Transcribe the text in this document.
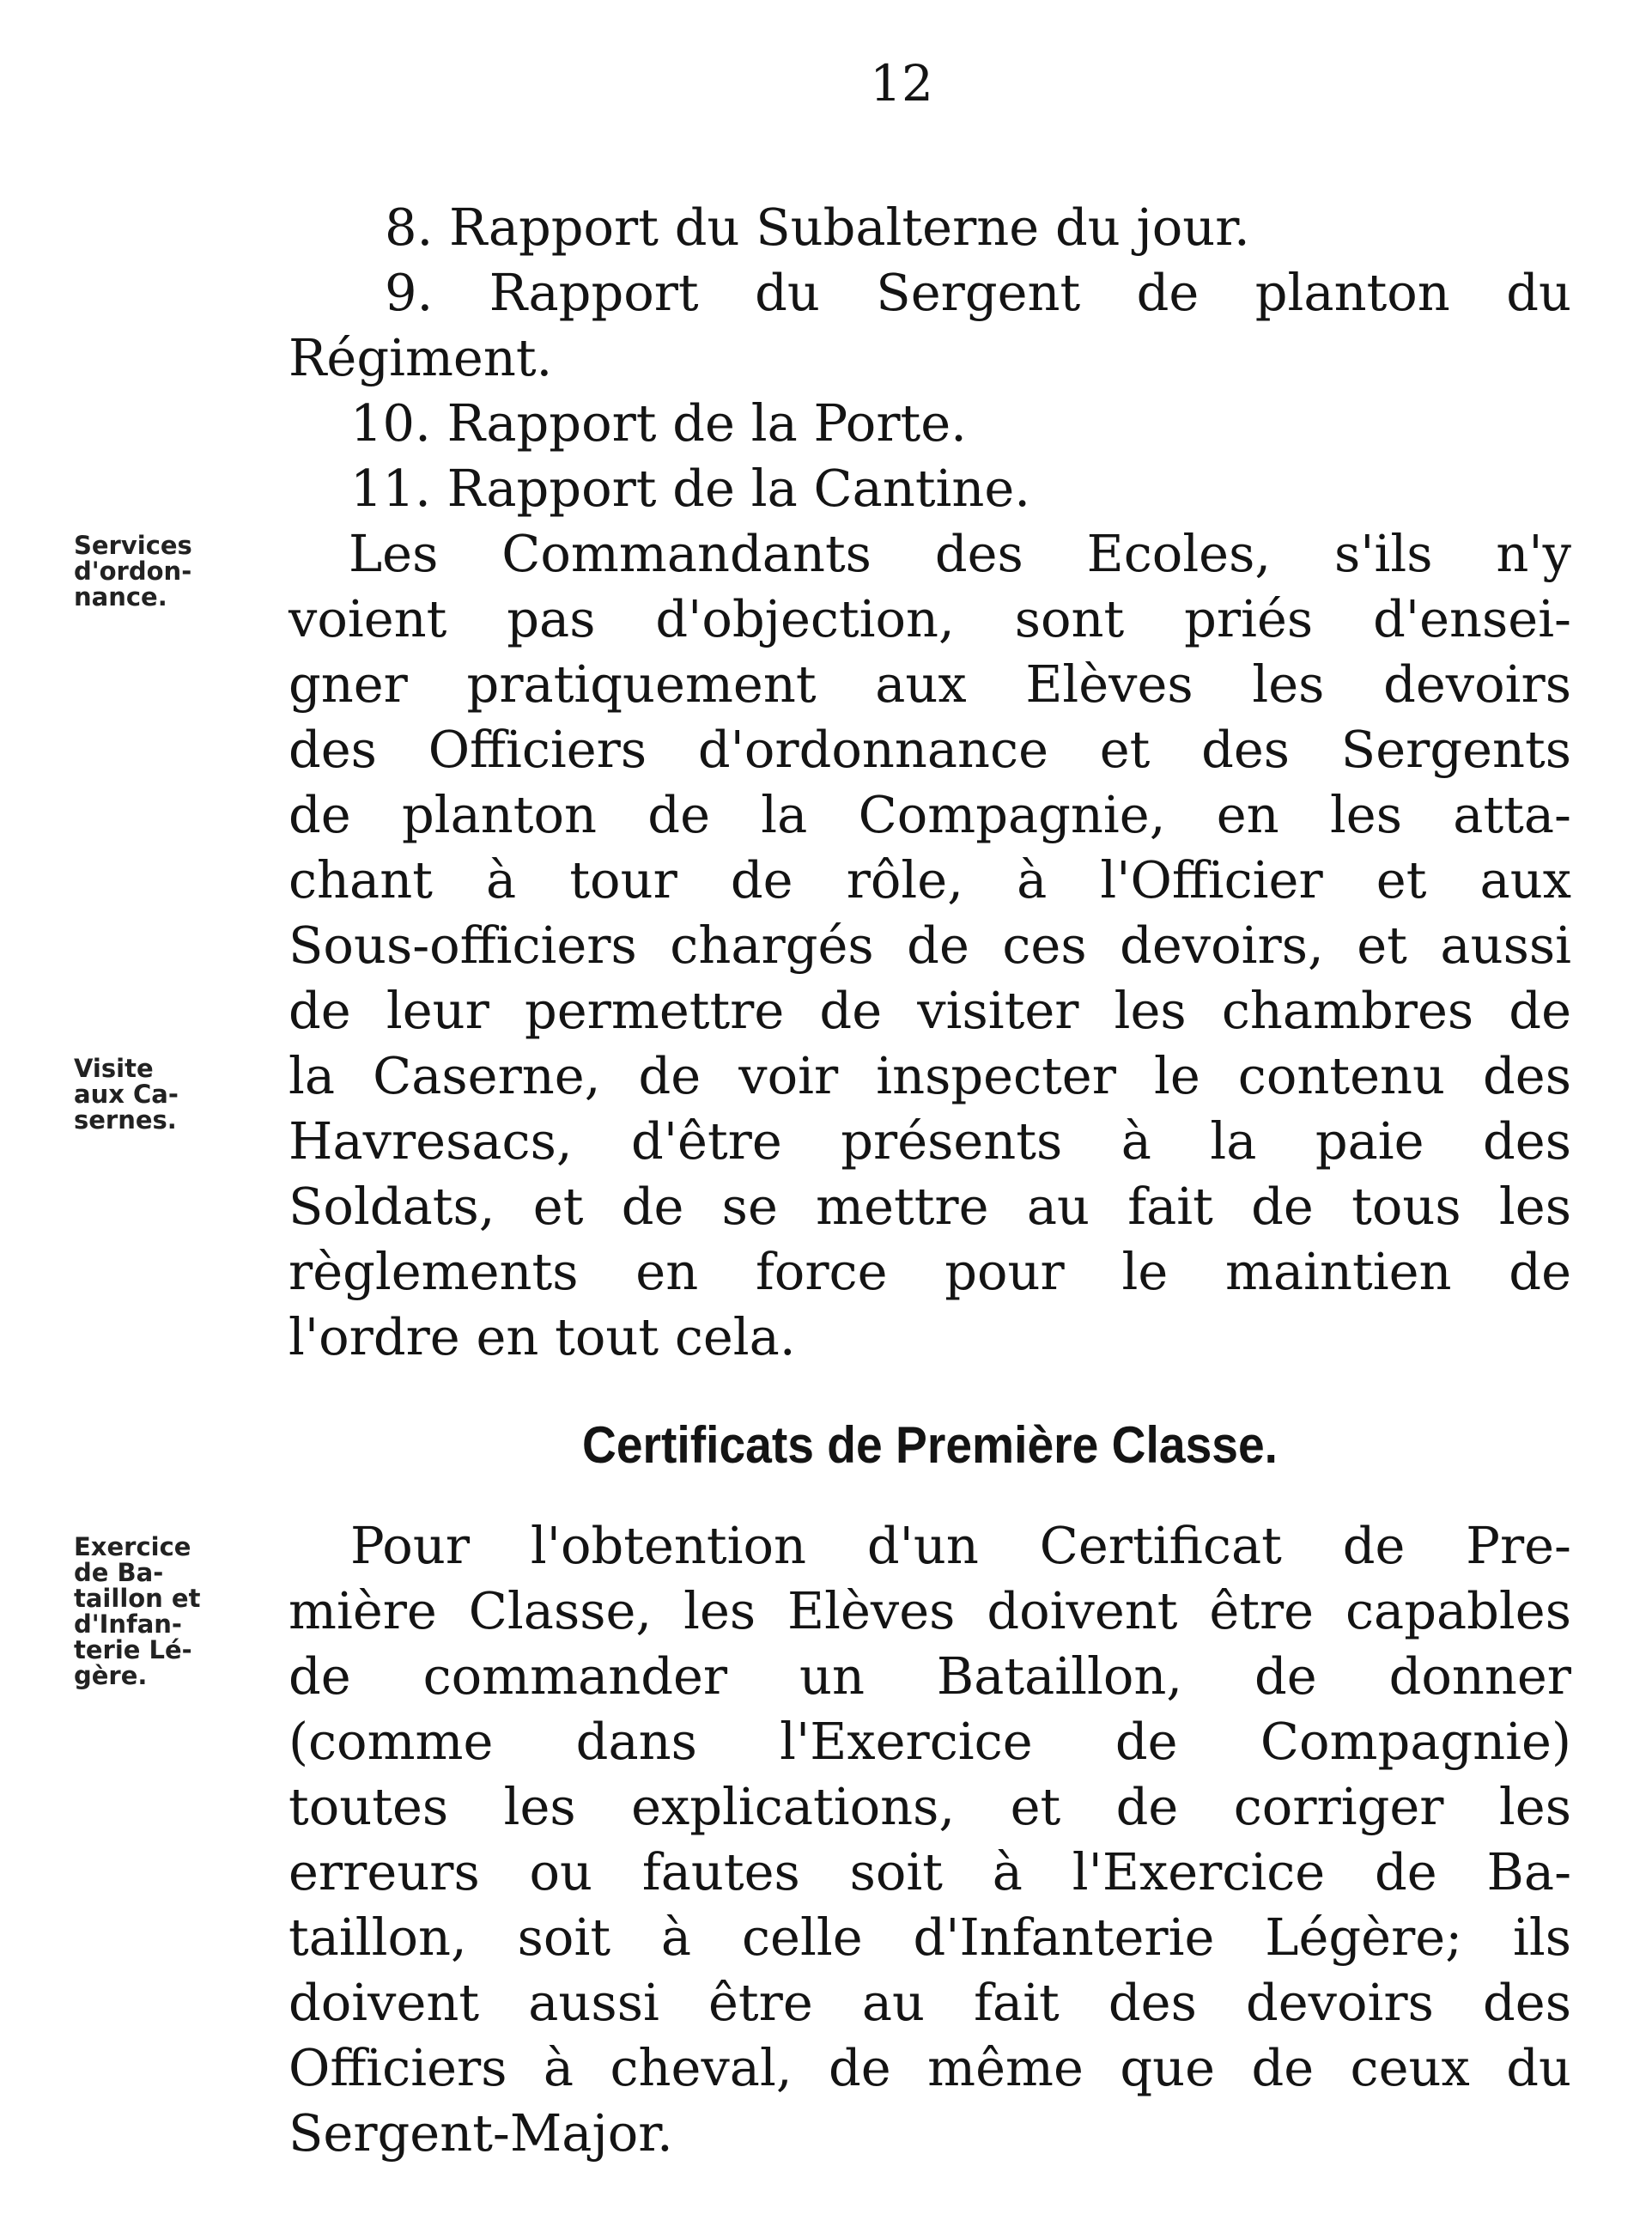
12
8. Rapport du Subalterne du jour.
9. Rapport du Sergent de planton du
Régiment.
10. Rapport de la Porte.
11. Rapport de la Cantine.
Les Commandants des Ecoles, s'ils n'y
voient pas d'objection, sont priés d'ensei-
gner pratiquement aux Elèves les devoirs
des Officiers d'ordonnance et des Sergents
de planton de la Compagnie, en les atta-
chant à tour de rôle, à l'Officier et aux
Sous-officiers chargés de ces devoirs, et aussi
de leur permettre de visiter les chambres de
la Caserne, de voir inspecter le contenu des
Havresacs, d'être présents à la paie des
Soldats, et de se mettre au fait de tous les
règlements en force pour le maintien de
l'ordre en tout cela.
Certificats de Première Classe.
Pour l'obtention d'un Certificat de Pre-
mière Classe, les Elèves doivent être capables
de commander un Bataillon, de donner
(comme dans l'Exercice de Compagnie)
toutes les explications, et de corriger les
erreurs ou fautes soit à l'Exercice de Ba-
taillon, soit à celle d'Infanterie Légère; ils
doivent aussi être au fait des devoirs des
Officiers à cheval, de même que de ceux du
Sergent-Major.
Services
d'ordon-
nance.
Visite
aux Ca-
sernes.
Exercice
de Ba-
taillon et
d'Infan-
terie Lé-
gère.
